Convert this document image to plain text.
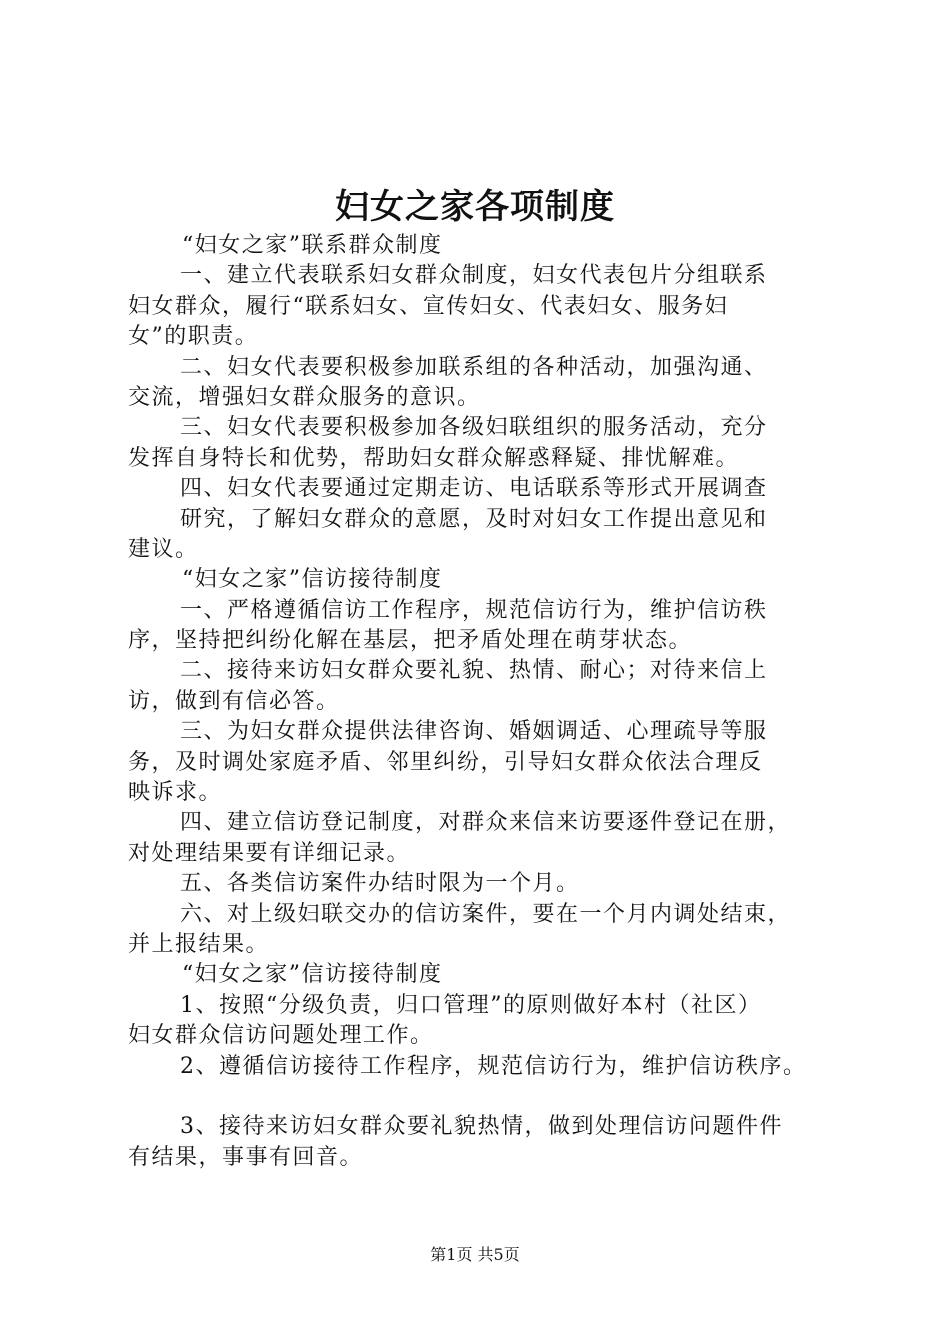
妇女之家各项制度
“妇女之家”联系群众制度
一、建立代表联系妇女群众制度，妇女代表包片分组联系
妇女群众，履行“联系妇女、宣传妇女、代表妇女、服务妇
女”的职责。
二、妇女代表要积极参加联系组的各种活动，加强沟通、
交流，增强妇女群众服务的意识。
三、妇女代表要积极参加各级妇联组织的服务活动，充分
发挥自身特长和优势，帮助妇女群众解惑释疑、排忧解难。
四、妇女代表要通过定期走访、电话联系等形式开展调查
研究，了解妇女群众的意愿，及时对妇女工作提出意见和
建议。
“妇女之家”信访接待制度
一、严格遵循信访工作程序，规范信访行为，维护信访秩
序，坚持把纠纷化解在基层，把矛盾处理在萌芽状态。
二、接待来访妇女群众要礼貌、热情、耐心；对待来信上
访，做到有信必答。
三、为妇女群众提供法律咨询、婚姻调适、心理疏导等服
务，及时调处家庭矛盾、邻里纠纷，引导妇女群众依法合理反
映诉求。
四、建立信访登记制度，对群众来信来访要逐件登记在册，
对处理结果要有详细记录。
五、各类信访案件办结时限为一个月。
六、对上级妇联交办的信访案件，要在一个月内调处结束，
并上报结果。
“妇女之家”信访接待制度
1、按照“分级负责，归口管理”的原则做好本村（社区）
妇女群众信访问题处理工作。
2、遵循信访接待工作程序，规范信访行为，维护信访秩序。
3、接待来访妇女群众要礼貌热情，做到处理信访问题件件
有结果，事事有回音。
第1页 共5页
